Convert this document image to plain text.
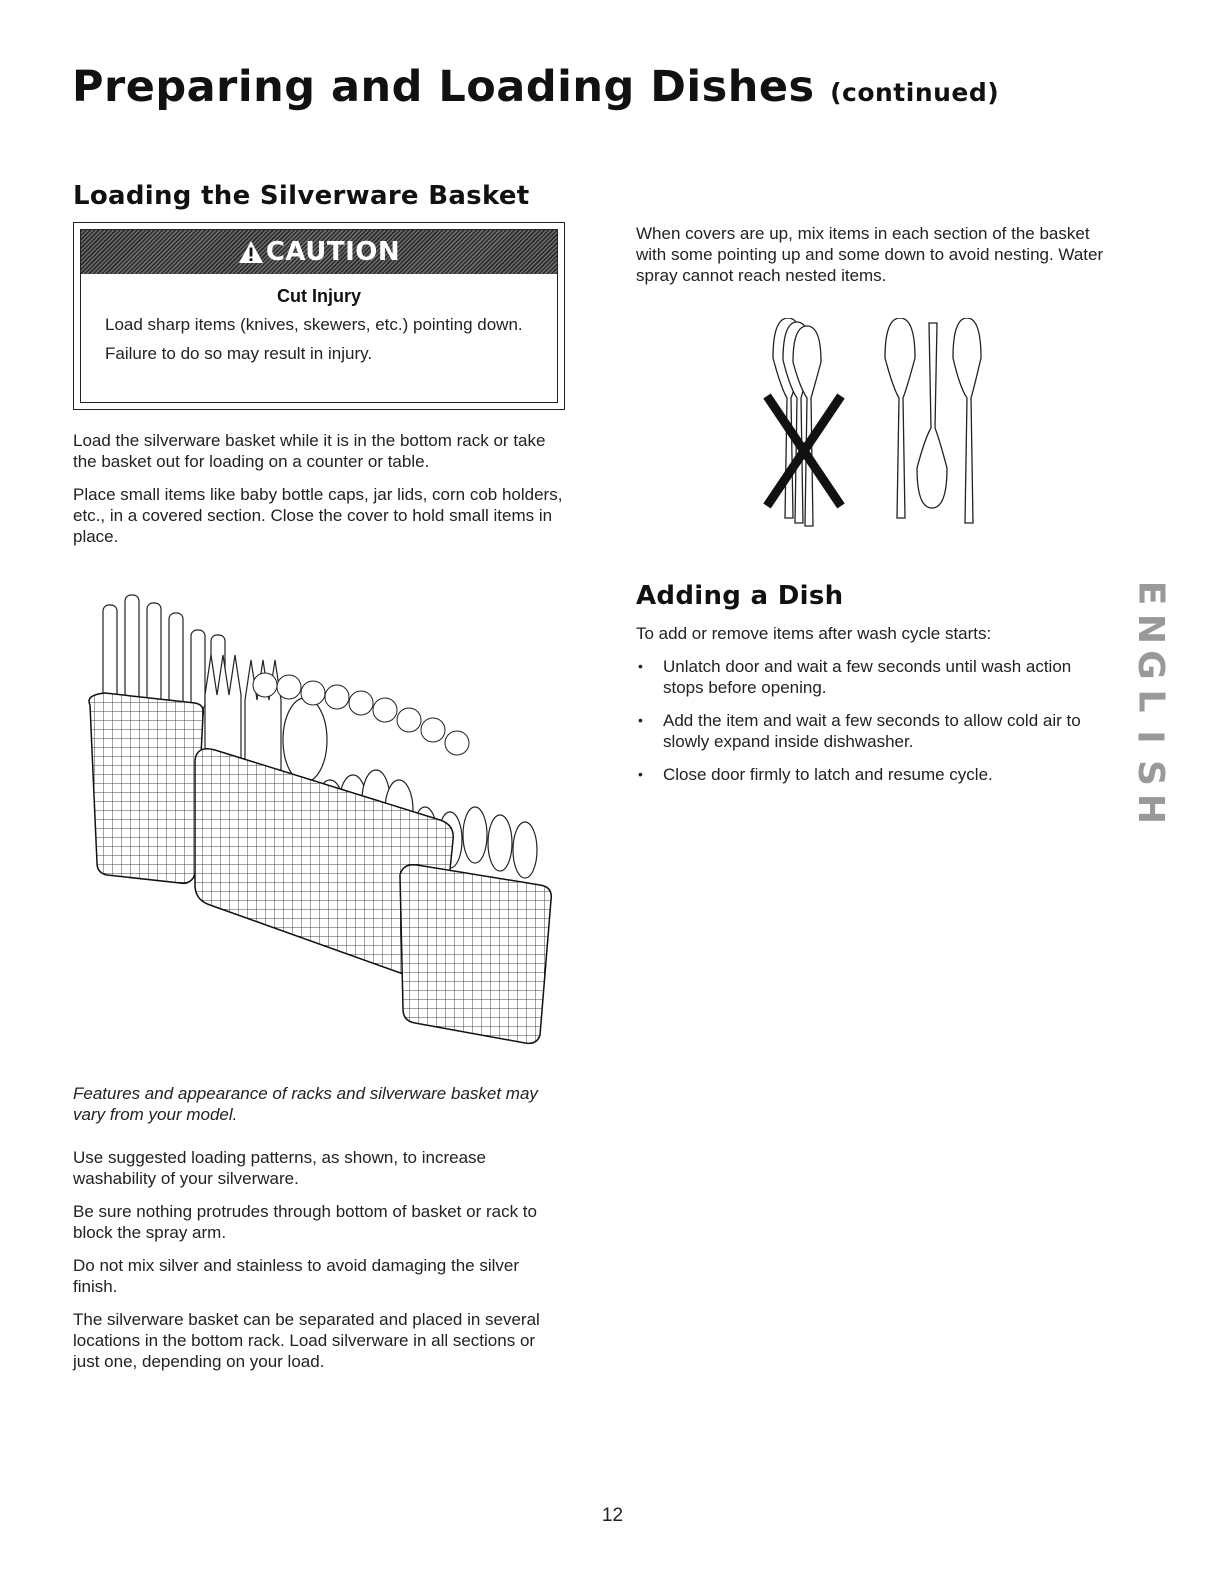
Preparing and Loading Dishes (continued)
Loading the Silverware Basket
CAUTION
Cut Injury

Load sharp items (knives, skewers, etc.) pointing down.

Failure to do so may result in injury.

Load the silverware basket while it is in the bottom rack or take the basket out for loading on a counter or table.

Place small items like baby bottle caps, jar lids, corn cob holders, etc., in a covered section. Close the cover to hold small items in place.

Features and appearance of racks and silverware basket may vary from your model.

Use suggested loading patterns, as shown, to increase washability of your silverware.

Be sure nothing protrudes through bottom of basket or rack to block the spray arm.

Do not mix silver and stainless to avoid damaging the silver finish.

The silverware basket can be separated and placed in several locations in the bottom rack. Load silverware in all sections or just one, depending on your load.

When covers are up, mix items in each section of the basket with some pointing up and some down to avoid nesting. Water spray cannot reach nested items.

Adding a Dish

To add or remove items after wash cycle starts:

• Unlatch door and wait a few seconds until wash action stops before opening.
• Add the item and wait a few seconds to allow cold air to slowly expand inside dishwasher.
• Close door firmly to latch and resume cycle.
E
N
G
L
I
S
H
12
